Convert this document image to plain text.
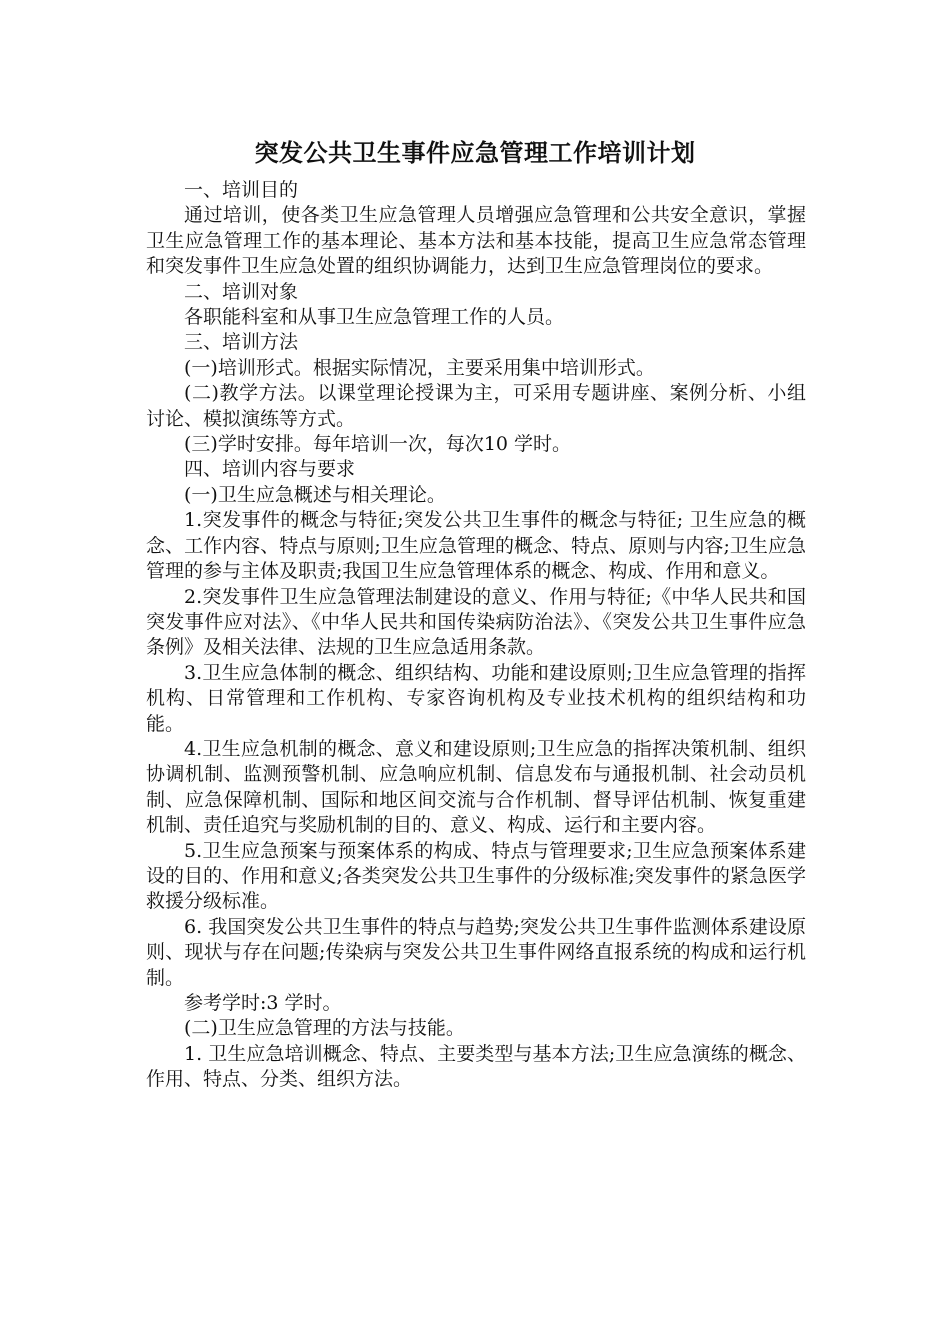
突发公共卫生事件应急管理工作培训计划

一、培训目的

通过培训，使各类卫生应急管理人员增强应急管理和公共安全意识，掌握卫生应急管理工作的基本理论、基本方法和基本技能，提高卫生应急常态管理和突发事件卫生应急处置的组织协调能力，达到卫生应急管理岗位的要求。

二、培训对象

各职能科室和从事卫生应急管理工作的人员。

三、培训方法

(一)培训形式。根据实际情况，主要采用集中培训形式。

(二)教学方法。以课堂理论授课为主，可采用专题讲座、案例分析、小组讨论、模拟演练等方式。

(三)学时安排。每年培训一次，每次10 学时。

四、培训内容与要求

(一)卫生应急概述与相关理论。

1.突发事件的概念与特征;突发公共卫生事件的概念与特征; 卫生应急的概念、工作内容、特点与原则;卫生应急管理的概念、特点、原则与内容;卫生应急管理的参与主体及职责;我国卫生应急管理体系的概念、构成、作用和意义。

2.突发事件卫生应急管理法制建设的意义、作用与特征;《中华人民共和国突发事件应对法》、《中华人民共和国传染病防治法》、《突发公共卫生事件应急条例》及相关法律、法规的卫生应急适用条款。

3.卫生应急体制的概念、组织结构、功能和建设原则;卫生应急管理的指挥机构、日常管理和工作机构、专家咨询机构及专业技术机构的组织结构和功能。

4.卫生应急机制的概念、意义和建设原则;卫生应急的指挥决策机制、组织协调机制、监测预警机制、应急响应机制、信息发布与通报机制、社会动员机制、应急保障机制、国际和地区间交流与合作机制、督导评估机制、恢复重建机制、责任追究与奖励机制的目的、意义、构成、运行和主要内容。

5.卫生应急预案与预案体系的构成、特点与管理要求;卫生应急预案体系建设的目的、作用和意义;各类突发公共卫生事件的分级标准;突发事件的紧急医学救援分级标准。

6. 我国突发公共卫生事件的特点与趋势;突发公共卫生事件监测体系建设原则、现状与存在问题;传染病与突发公共卫生事件网络直报系统的构成和运行机制。

参考学时:3 学时。

(二)卫生应急管理的方法与技能。

1. 卫生应急培训概念、特点、主要类型与基本方法;卫生应急演练的概念、作用、特点、分类、组织方法。
